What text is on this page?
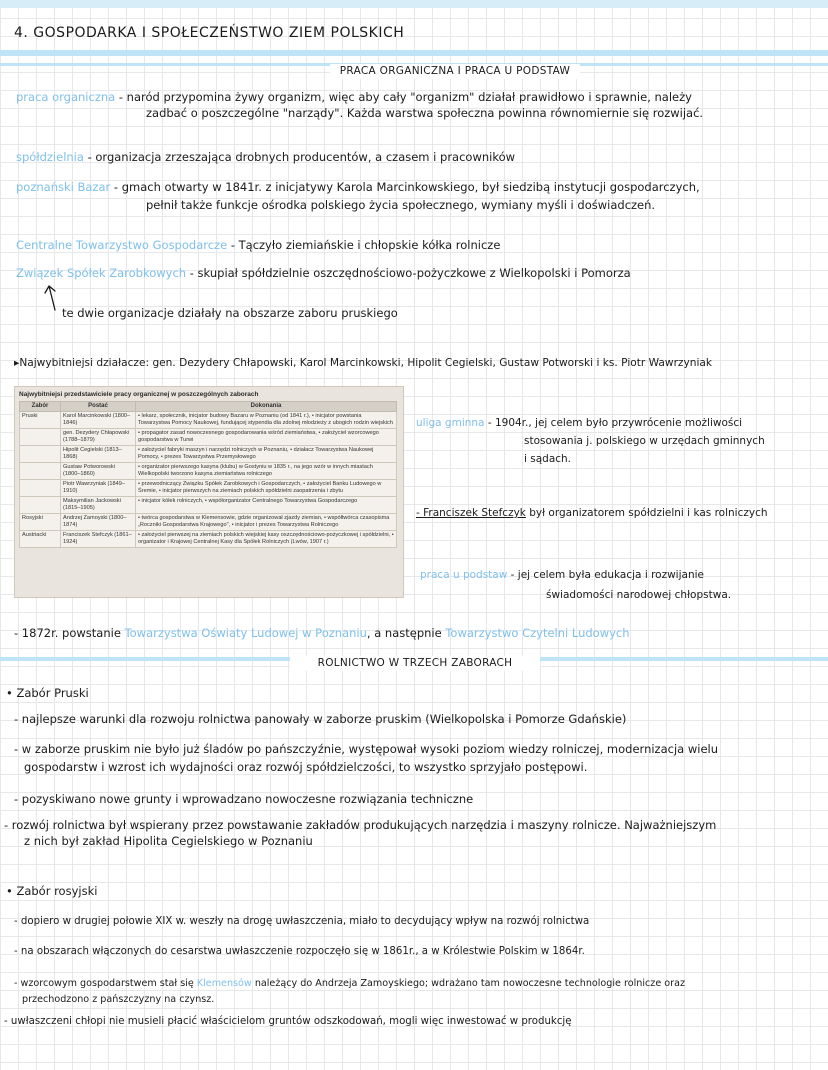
4. GOSPODARKA I SPOŁECZEŃSTWO ZIEM POLSKICH
PRACA ORGANICZNA I PRACA U PODSTAW
praca organiczna - naród przypomina żywy organizm, więc aby cały "organizm" działał prawidłowo i sprawnie, należy
zadbać o poszczególne "narządy". Każda warstwa społeczna powinna równomiernie się rozwijać.
spółdzielnia - organizacja zrzeszająca drobnych producentów, a czasem i pracowników
poznański Bazar - gmach otwarty w 1841r. z inicjatywy Karola Marcinkowskiego, był siedzibą instytucji gospodarczych,
pełnił także funkcje ośrodka polskiego życia społecznego, wymiany myśli i doświadczeń.
Centralne Towarzystwo Gospodarcze - Tączyło ziemiańskie i chłopskie kółka rolnicze
Związek Spółek Zarobkowych - skupiał spółdzielnie oszczędnościowo-pożyczkowe z Wielkopolski i Pomorza
te dwie organizacje działały na obszarze zaboru pruskiego
▸Najwybitniejsi działacze: gen. Dezydery Chłapowski, Karol Marcinkowski, Hipolit Cegielski, Gustaw Potworski i ks. Piotr Wawrzyniak
Najwybitniejsi przedstawiciele pracy organicznej w poszczególnych zaborach
Zabór	Postać	Dokonania
Pruski	Karol Marcinkowski (1800–1846)	• lekarz, społecznik, inicjator budowy Bazaru w Poznaniu (od 1841 r.), • inicjator powstania Towarzystwa Pomocy Naukowej, fundującej stypendia dla zdolnej młodzieży z ubogich rodzin wiejskich
	gen. Dezydery Chłapowski (1788–1879)	• propagator zasad nowoczesnego gospodarowania wśród ziemiaństwa, • założyciel wzorcowego gospodarstwa w Turwi
	Hipolit Cegielski (1813–1868)	• założyciel fabryki maszyn i narzędzi rolniczych w Poznaniu, • działacz Towarzystwa Naukowej Pomocy, • prezes Towarzystwa Przemysłowego
	Gustaw Potworowski (1800–1860)	• organizator pierwszego kasyna (klubu) w Gostyniu w 1835 r., na jego wzór w innych miastach Wielkopolski tworzono kasyna ziemiaństwa rolniczego
	Piotr Wawrzyniak (1849–1910)	• przewodniczący Związku Spółek Zarobkowych i Gospodarczych, • założyciel Banku Ludowego w Śremie, • inicjator pierwszych na ziemiach polskich spółdzielni zaopatrzenia i zbytu
	Maksymilian Jackowski (1815–1905)	• inicjator kółek rolniczych, • współorganizator Centralnego Towarzystwa Gospodarczego
Rosyjski	Andrzej Zamoyski (1800–1874)	• twórca gospodarstwa w Klemensowie, gdzie organizował zjazdy ziemian, • współtwórca czasopisma „Roczniki Gospodarstwa Krajowego", • inicjator i prezes Towarzystwa Rolniczego
Austriacki	Franciszek Stefczyk (1861–1924)	• założyciel pierwszej na ziemiach polskich wiejskiej kasy oszczędnościowo-pożyczkowej i spółdzielni, • organizator i Krajowej Centralnej Kasy dla Spółek Rolniczych (Lwów, 1907 r.)
uliga gminna - 1904r., jej celem było przywrócenie możliwości
stosowania j. polskiego w urzędach gminnych
i sądach.
- Franciszek Stefczyk był organizatorem spółdzielni i kas rolniczych
praca u podstaw - jej celem była edukacja i rozwijanie
świadomości narodowej chłopstwa.
- 1872r. powstanie Towarzystwa Oświaty Ludowej w Poznaniu, a następnie Towarzystwo Czytelni Ludowych
ROLNICTWO W TRZECH ZABORACH
• Zabór Pruski
- najlepsze warunki dla rozwoju rolnictwa panowały w zaborze pruskim (Wielkopolska i Pomorze Gdańskie)
- w zaborze pruskim nie było już śladów po pańszczyźnie, występował wysoki poziom wiedzy rolniczej, modernizacja wielu
gospodarstw i wzrost ich wydajności oraz rozwój spółdzielczości, to wszystko sprzyjało postępowi.
- pozyskiwano nowe grunty i wprowadzano nowoczesne rozwiązania techniczne
- rozwój rolnictwa był wspierany przez powstawanie zakładów produkujących narzędzia i maszyny rolnicze. Najważniejszym
z nich był zakład Hipolita Cegielskiego w Poznaniu
• Zabór rosyjski
- dopiero w drugiej połowie XIX w. weszły na drogę uwłaszczenia, miało to decydujący wpływ na rozwój rolnictwa
- na obszarach włączonych do cesarstwa uwłaszczenie rozpoczęło się w 1861r., a w Królestwie Polskim w 1864r.
- wzorcowym gospodarstwem stał się Klemensów należący do Andrzeja Zamoyskiego; wdrażano tam nowoczesne technologie rolnicze oraz
przechodzono z pańszczyzny na czynsz.
- uwłaszczeni chłopi nie musieli płacić właścicielom gruntów odszkodowań, mogli więc inwestować w produkcję
